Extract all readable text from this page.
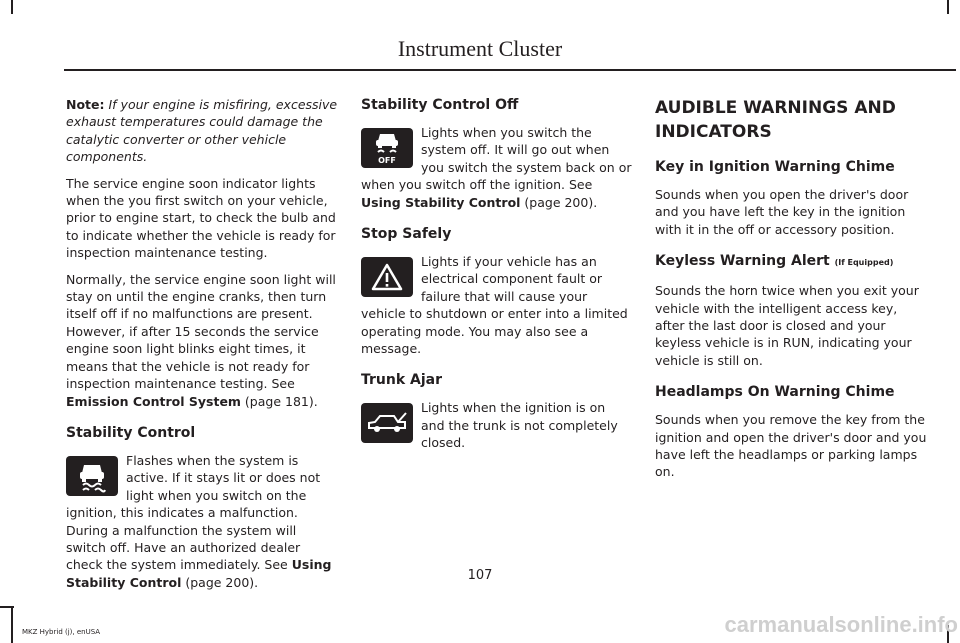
Instrument Cluster

Note: If your engine is misfiring, excessive exhaust temperatures could damage the catalytic converter or other vehicle components.

The service engine soon indicator lights when the you first switch on your vehicle, prior to engine start, to check the bulb and to indicate whether the vehicle is ready for inspection maintenance testing.

Normally, the service engine soon light will stay on until the engine cranks, then turn itself off if no malfunctions are present. However, if after 15 seconds the service engine soon light blinks eight times, it means that the vehicle is not ready for inspection maintenance testing. See Emission Control System (page 181).

Stability Control

Flashes when the system is active. If it stays lit or does not light when you switch on the ignition, this indicates a malfunction. During a malfunction the system will switch off. Have an authorized dealer check the system immediately. See Using Stability Control (page 200).

Stability Control Off

OFF
Lights when you switch the system off. It will go out when you switch the system back on or when you switch off the ignition. See Using Stability Control (page 200).

Stop Safely

Lights if your vehicle has an electrical component fault or failure that will cause your vehicle to shutdown or enter into a limited operating mode. You may also see a message.

Trunk Ajar

Lights when the ignition is on and the trunk is not completely closed.

AUDIBLE WARNINGS AND INDICATORS
Key in Ignition Warning Chime

Sounds when you open the driver's door and you have left the key in the ignition with it in the off or accessory position.

Keyless Warning Alert (If Equipped)

Sounds the horn twice when you exit your vehicle with the intelligent access key, after the last door is closed and your keyless vehicle is in RUN, indicating your vehicle is still on.

Headlamps On Warning Chime

Sounds when you remove the key from the ignition and open the driver's door and you have left the headlamps or parking lamps on.

107
MKZ Hybrid (j), enUSA	carmanualsonline.info
